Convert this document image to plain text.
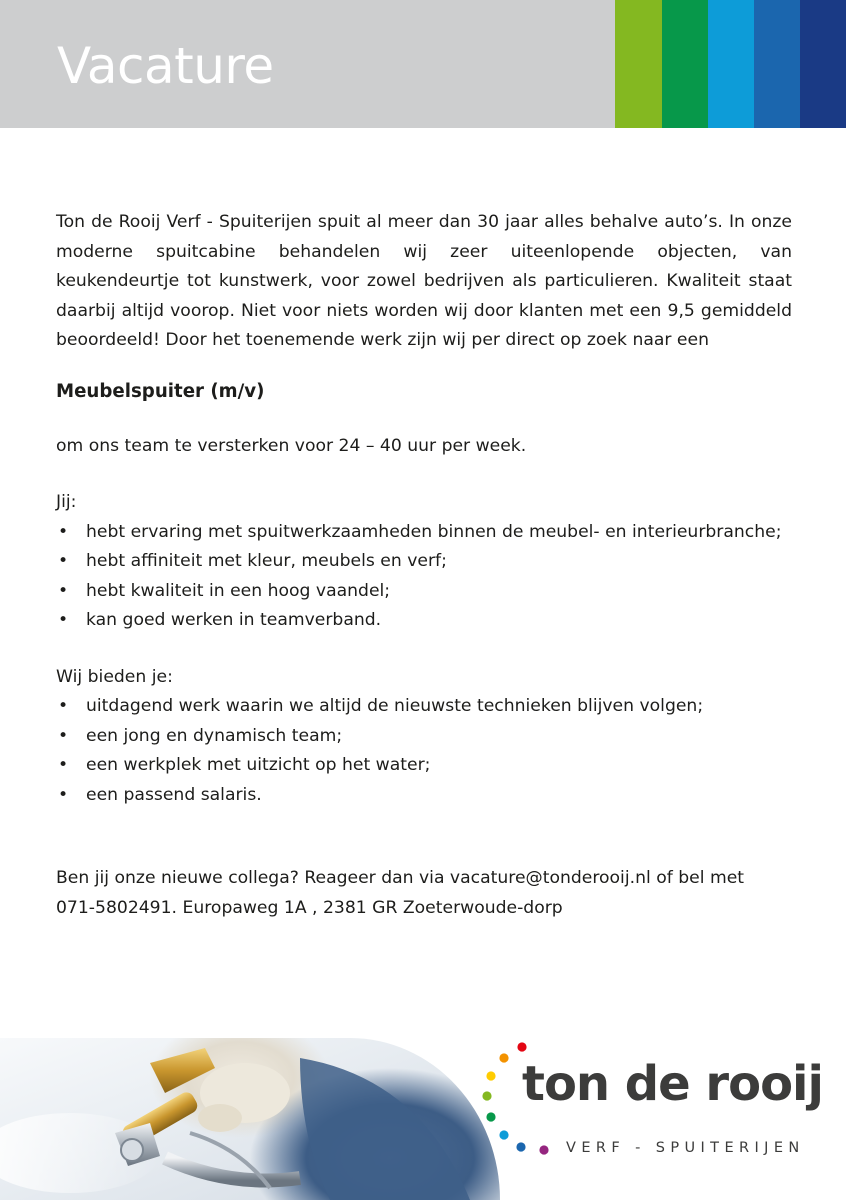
Vacature

Ton de Rooij Verf - Spuiterijen spuit al meer dan 30 jaar alles behalve auto’s. In onze moderne spuitcabine behandelen wij zeer uiteenlopende objecten, van keukendeurtje tot kunstwerk, voor zowel bedrijven als particulieren. Kwaliteit staat daarbij altijd voorop. Niet voor niets worden wij door klanten met een 9,5 gemiddeld beoordeeld! Door het toenemende werk zijn wij per direct op zoek naar een

Meubelspuiter (m/v)

om ons team te versterken voor 24 – 40 uur per week.

Jij:

• hebt ervaring met spuitwerkzaamheden binnen de meubel- en interieurbranche;
• hebt affiniteit met kleur, meubels en verf;
• hebt kwaliteit in een hoog vaandel;
• kan goed werken in teamverband.

Wij bieden je:

• uitdagend werk waarin we altijd de nieuwste technieken blijven volgen;
• een jong en dynamisch team;
• een werkplek met uitzicht op het water;
• een passend salaris.

Ben jij onze nieuwe collega? Reageer dan via vacature@tonderooij.nl of bel met

071-5802491. Europaweg 1A , 2381 GR Zoeterwoude-dorp

ton de rooij

VERF - SPUITERIJEN
